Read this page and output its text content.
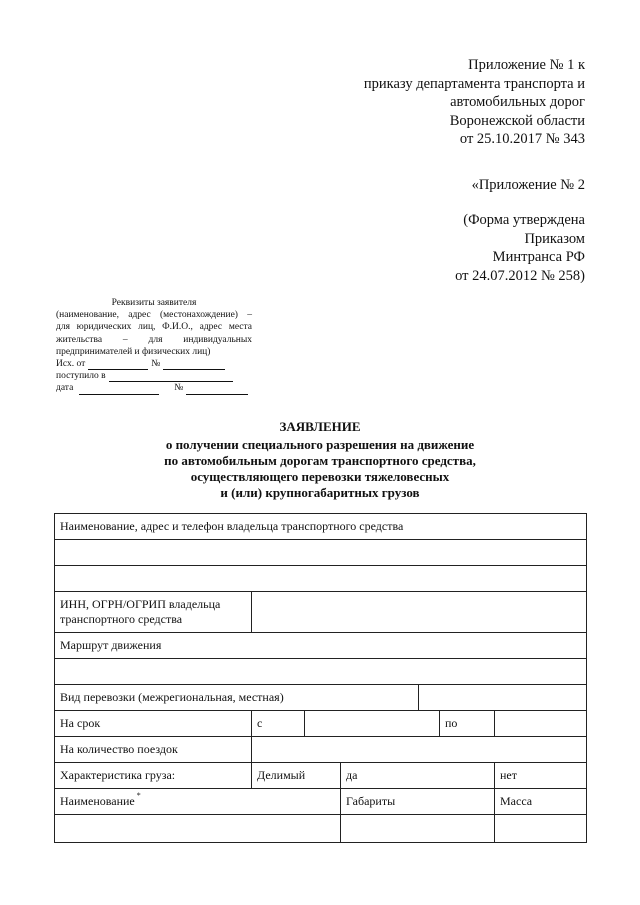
Приложение № 1 к
приказу департамента транспорта и
автомобильных дорог
Воронежской области
от 25.10.2017 № 343
«Приложение № 2
(Форма утверждена
Приказом
Минтранса РФ
от 24.07.2012 № 258)
Реквизиты заявителя
(наименование, адрес (местонахождение) –
для юридических лиц, Ф.И.О., адрес места
жительства – для индивидуальных
предпринимателей и физических лиц)
Исх. от	№
поступило в
дата	№
ЗАЯВЛЕНИЕ
о получении специального разрешения на движение
по автомобильным дорогам транспортного средства,
осуществляющего перевозки тяжеловесных
и (или) крупногабаритных грузов
Наименование, адрес и телефон владельца транспортного средства						

ИНН, ОГРН/ОГРИП владельца транспортного средства						
Маршрут движения						

Вид перевозки (межрегиональная, местная)						
На срок	с				по	
На количество поездок						
Характеристика груза:	Делимый		да			нет
Наименование *			Габариты			Масса
